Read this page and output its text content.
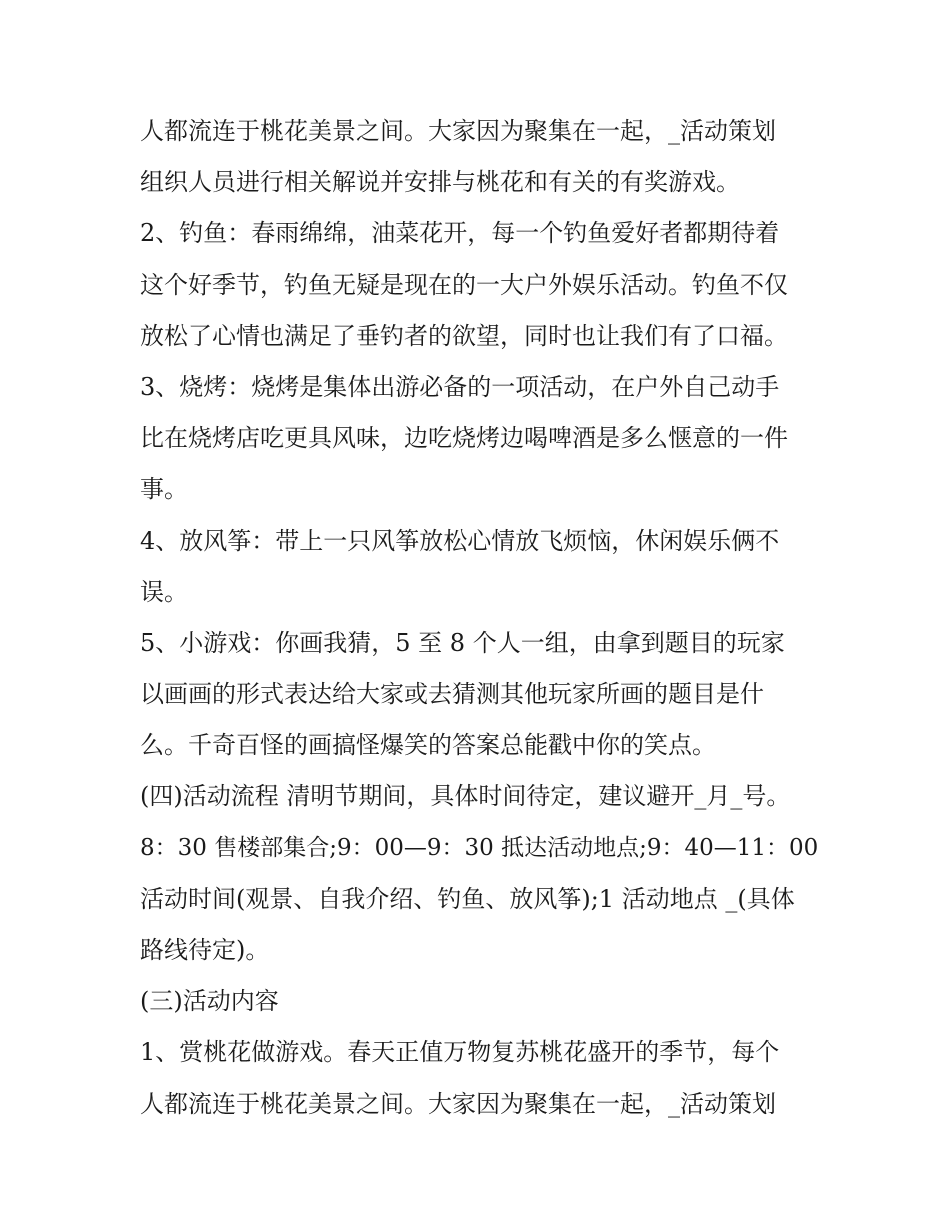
人都流连于桃花美景之间。大家因为聚集在一起，_活动策划
组织人员进行相关解说并安排与桃花和有关的有奖游戏。
2、钓鱼：春雨绵绵，油菜花开，每一个钓鱼爱好者都期待着
这个好季节，钓鱼无疑是现在的一大户外娱乐活动。钓鱼不仅
放松了心情也满足了垂钓者的欲望，同时也让我们有了口福。
3、烧烤：烧烤是集体出游必备的一项活动，在户外自己动手
比在烧烤店吃更具风味，边吃烧烤边喝啤酒是多么惬意的一件
事。
4、放风筝：带上一只风筝放松心情放飞烦恼，休闲娱乐俩不
误。
5、小游戏：你画我猜，5 至 8 个人一组，由拿到题目的玩家
以画画的形式表达给大家或去猜测其他玩家所画的题目是什
么。千奇百怪的画搞怪爆笑的答案总能戳中你的笑点。
(四)活动流程 清明节期间，具体时间待定，建议避开_月_号。
8：30 售楼部集合;9：00—9：30 抵达活动地点;9：40—11：00
活动时间(观景、自我介绍、钓鱼、放风筝);1 活动地点 _(具体
路线待定)。
(三)活动内容
1、赏桃花做游戏。春天正值万物复苏桃花盛开的季节，每个
人都流连于桃花美景之间。大家因为聚集在一起，_活动策划
